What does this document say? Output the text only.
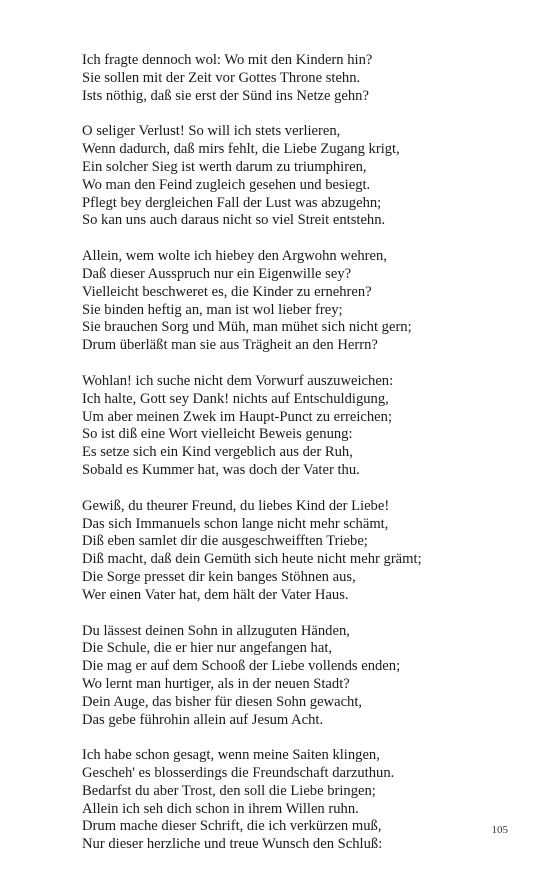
Ich fragte dennoch wol: Wo mit den Kindern hin?
Sie sollen mit der Zeit vor Gottes Throne stehn.
Ists nöthig, daß sie erst der Sünd ins Netze gehn?
O seliger Verlust! So will ich stets verlieren,
Wenn dadurch, daß mirs fehlt, die Liebe Zugang krigt,
Ein solcher Sieg ist werth darum zu triumphiren,
Wo man den Feind zugleich gesehen und besiegt.
Pflegt bey dergleichen Fall der Lust was abzugehn;
So kan uns auch daraus nicht so viel Streit entstehn.
Allein, wem wolte ich hiebey den Argwohn wehren,
Daß dieser Ausspruch nur ein Eigenwille sey?
Vielleicht beschweret es, die Kinder zu ernehren?
Sie binden heftig an, man ist wol lieber frey;
Sie brauchen Sorg und Müh, man mühet sich nicht gern;
Drum überläßt man sie aus Trägheit an den Herrn?
Wohlan! ich suche nicht dem Vorwurf auszuweichen:
Ich halte, Gott sey Dank! nichts auf Entschuldigung,
Um aber meinen Zwek im Haupt-Punct zu erreichen;
So ist diß eine Wort vielleicht Beweis genung:
Es setze sich ein Kind vergeblich aus der Ruh,
Sobald es Kummer hat, was doch der Vater thu.
Gewiß, du theurer Freund, du liebes Kind der Liebe!
Das sich Immanuels schon lange nicht mehr schämt,
Diß eben samlet dir die ausgeschweifften Triebe;
Diß macht, daß dein Gemüth sich heute nicht mehr grämt;
Die Sorge presset dir kein banges Stöhnen aus,
Wer einen Vater hat, dem hält der Vater Haus.
Du lässest deinen Sohn in allzuguten Händen,
Die Schule, die er hier nur angefangen hat,
Die mag er auf dem Schooß der Liebe vollends enden;
Wo lernt man hurtiger, als in der neuen Stadt?
Dein Auge, das bisher für diesen Sohn gewacht,
Das gebe führohin allein auf Jesum Acht.
Ich habe schon gesagt, wenn meine Saiten klingen,
Gescheh' es blosserdings die Freundschaft darzuthun.
Bedarfst du aber Trost, den soll die Liebe bringen;
Allein ich seh dich schon in ihrem Willen ruhn.
Drum mache dieser Schrift, die ich verkürzen muß,
Nur dieser herzliche und treue Wunsch den Schluß:
105
